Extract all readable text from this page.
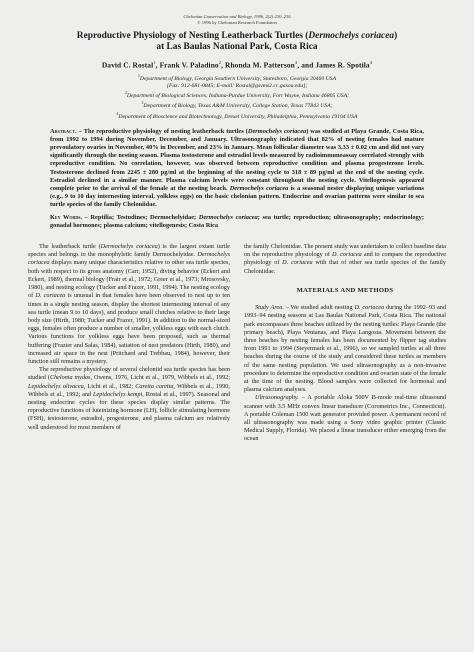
Chelonian Conservation and Biology, 1996, 2(2):230–236
© 1996 by Chelonian Research Foundation
Reproductive Physiology of Nesting Leatherback Turtles (Dermochelys coriacea)
at Las Baulas National Park, Costa Rica
David C. Rostal$^1$, Frank V. Paladino$^2$, Rhonda M. Patterson$^3$, and James R. Spotila$^4$
$^1$Department of Biology, Georgia Southern University, Statesboro, Georgia 30460 USA
[Fax: 912-681-0845; E-mail: Rostal@gsvms2.cc.gasou.edu];
$^2$Department of Biological Sciences, Indiana-Purdue University, Fort Wayne, Indiana 46805 USA;
$^3$Department of Biology, Texas A&M University, College Station, Texas 77843 USA;
$^4$Department of Bioscience and Biotechnology, Drexel University, Philadelphia, Pennsylvania 19104 USA
Abstract. – The reproductive physiology of nesting leatherback turtles (Dermochelys coriacea) was studied at Playa Grande, Costa Rica, from 1992 to 1994 during November, December, and January. Ultrasonography indicated that 82% of nesting females had mature prevoulatory ovaries in November, 40% in December, and 23% in January. Mean follicular diameter was 3.33 ± 0.02 cm and did not vary significantly through the nesting season. Plasma testosterone and estradiol levels measured by radioimmunoassay correlated strongly with reproductive condition. No correlation, however, was observed between reproductive condition and plasma progesterone levels. Testosterone declined from 2245 ± 280 pg/ml at the beginning of the nesting cycle to 318 ± 89 pg/ml at the end of the nesting cycle. Estradiol declined in a similar manner. Plasma calcium levels were constant throughout the nesting cycle. Vitellogenesis appeared complete prior to the arrival of the female at the nesting beach. Dermochelys coriacea is a seasonal nester displaying unique variations (e.g., 9 to 10 day internesting interval, yolkless eggs) on the basic chelonian pattern. Endocrine and ovarian patterns were similar to sea turtle species of the family Cheloniidae.
Key Words. – Reptilia; Testudines; Dermochelyidae; Dermochelys coriacea; sea turtle; reproduction; ultrasonography; endocrinology; gonadal hormones; plasma calcium; vitellogenesis; Costa Rica

The leatherback turtle (Dermochelys coriacea) is the largest extant turtle species and belongs to the monophyletic family Dermochelyidae. Dermochelys coriacea displays many unique characteristics relative to other sea turtle species, both with respect to its gross anatomy (Carr, 1952), diving behavior (Eckert and Eckert, 1989), thermal biology (Frair et al., 1972; Greer et al., 1973; Mrosovsky, 1980), and nesting ecology (Tucker and Frazer, 1991, 1994). The nesting ecology of D. coriacea is unusual in that females have been observed to nest up to ten times in a single nesting season, display the shortest internesting interval of any sea turtle (mean 9 to 10 days), and produce small clutches relative to their large body size (Hirth, 1980; Tucker and Frazer, 1991). In addition to the normal-sized eggs, females often produce a number of smaller, yolkless eggs with each clutch. Various functions for yolkless eggs have been proposed, such as thermal buffering (Frazier and Salas, 1984), satiation of nest predators (Hirth, 1980), and increased air space in the nest (Pritchard and Trebbau, 1984), however, their function still remains a mystery.

The reproductive physiology of several cheloniid sea turtle species has been studied (Chelonia mydas, Owens, 1976, Licht et al., 1979, Wibbels et al., 1992; Lepidochelys olivacea, Licht et al., 1982; Caretta caretta, Wibbels et al., 1990; Wibbels et al., 1992; and Lepidochelys kempi, Rostal et al., 1997). Seasonal and nesting endocrine cycles for these species display similar patterns. The reproductive functions of luteinizing hormone (LH), follicle stimulating hormone (FSH), testosterone, estradiol, progesterone, and plasma calcium are relatively well understood for most members of

the family Cheloniidae. The present study was undertaken to collect baseline data on the reproductive physiology of D. coriacea and to compare the reproductive physiology of D. coriacea with that of other sea turtle species of the family Cheloniidae.

MATERIALS AND METHODS

Study Area. – We studied adult nesting D. coriacea during the 1992–93 and 1993–94 nesting seasons at Las Baulas National Park, Costa Rica. The national park encompasses three beaches utilized by the nesting turtles: Playa Grande (the primary beach), Playa Ventanas, and Playa Langosta. Movement between the three beaches by nesting females has been documented by flipper tag studies from 1991 to 1994 (Steyermark et al., 1996), so we sampled turtles at all three beaches during the course of the study and considered these turtles as members of the same nesting population. We used ultrasonography as a non-invasive procedure to determine the reproductive condition and ovarian state of the female at the time of the nesting. Blood samples were collected for hormonal and plasma calcium analyses.

Ultrasonography. – A portable Aloka 500V B-mode real-time ultrasound scanner with 3.5 MHz convex linear transducer (Corometrics Inc., Connecticut). A portable Coleman 1500 watt generator provided power. A permanent record of all ultrasonography was made using a Sony video graphic printer (Classic Medical Supply, Florida). We placed a linear transducer either emerging from the ocean
